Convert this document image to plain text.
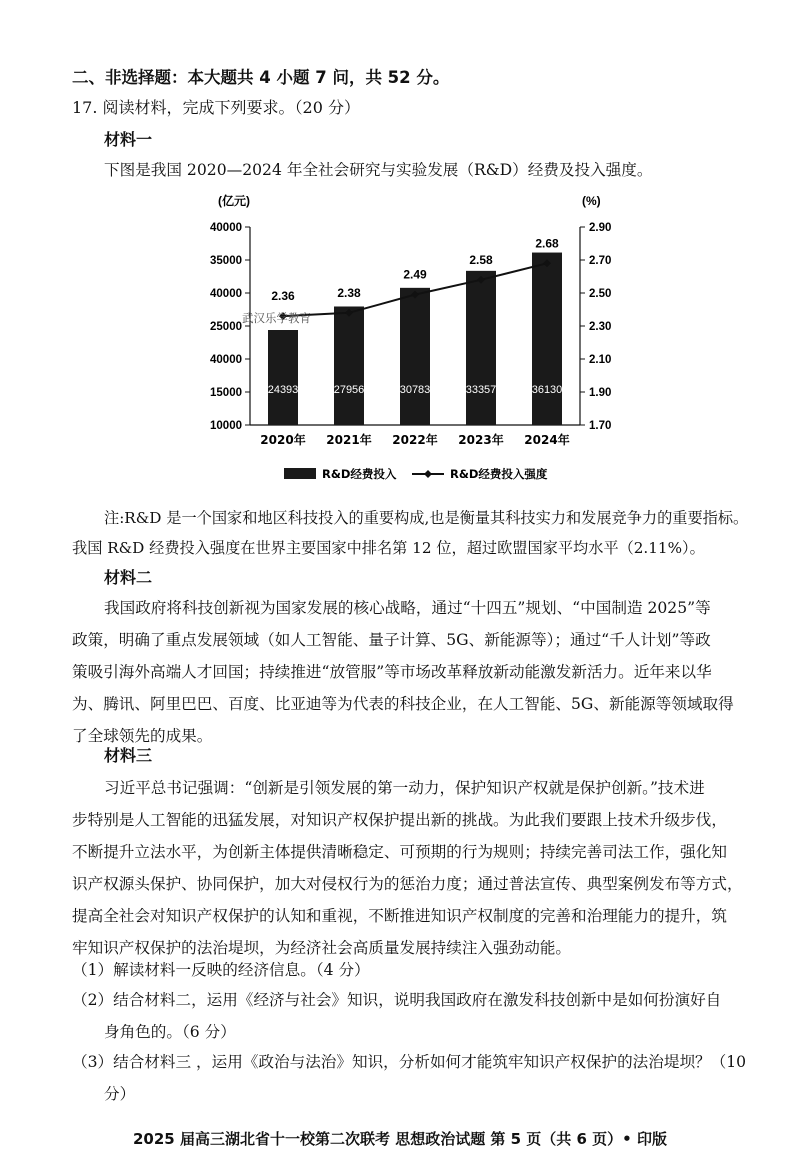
二、非选择题：本大题共 4 小题 7 问，共 52 分。
17. 阅读材料，完成下列要求。（20 分）
材料一
下图是我国 2020—2024 年全社会研究与实验发展（R&D）经费及投入强度。
(亿元)	(%)
40000	2.90
35000	2.70
40000	2.50
25000	2.30
40000	2.10
15000	1.90
10000	1.70
2020年 2021年 2022年 2023年 2024年
24393	27956	30783	33357	36130
2.36	2.38
2.49
2.58
2.68
武汉乐学教育
R&D经费投入	R&D经费投入强度
注:R&D 是一个国家和地区科技投入的重要构成,也是衡量其科技实力和发展竞争力的重要指标。
我国 R&D 经费投入强度在世界主要国家中排名第 12 位，超过欧盟国家平均水平（2.11%）。
材料二
我国政府将科技创新视为国家发展的核心战略，通过“十四五”规划、“中国制造 2025”等
政策，明确了重点发展领域（如人工智能、量子计算、5G、新能源等）；通过“千人计划”等政
策吸引海外高端人才回国；持续推进“放管服”等市场改革释放新动能激发新活力。近年来以华
为、腾讯、阿里巴巴、百度、比亚迪等为代表的科技企业，在人工智能、5G、新能源等领域取得
了全球领先的成果。
材料三
习近平总书记强调：“创新是引领发展的第一动力，保护知识产权就是保护创新。”技术进
步特别是人工智能的迅猛发展，对知识产权保护提出新的挑战。为此我们要跟上技术升级步伐，
不断提升立法水平，为创新主体提供清晰稳定、可预期的行为规则；持续完善司法工作，强化知
识产权源头保护、协同保护，加大对侵权行为的惩治力度；通过普法宣传、典型案例发布等方式，
提高全社会对知识产权保护的认知和重视，不断推进知识产权制度的完善和治理能力的提升，筑
牢知识产权保护的法治堤坝，为经济社会高质量发展持续注入强劲动能。
（1）解读材料一反映的经济信息。（4 分）
（2）结合材料二，运用《经济与社会》知识，说明我国政府在激发科技创新中是如何扮演好自
身角色的。（6 分）
（3）结合材料三 ，运用《政治与法治》知识，分析如何才能筑牢知识产权保护的法治堤坝？（10
分）
2025 届高三湖北省十一校第二次联考 思想政治试题 第 5 页（共 6 页）• 印版
